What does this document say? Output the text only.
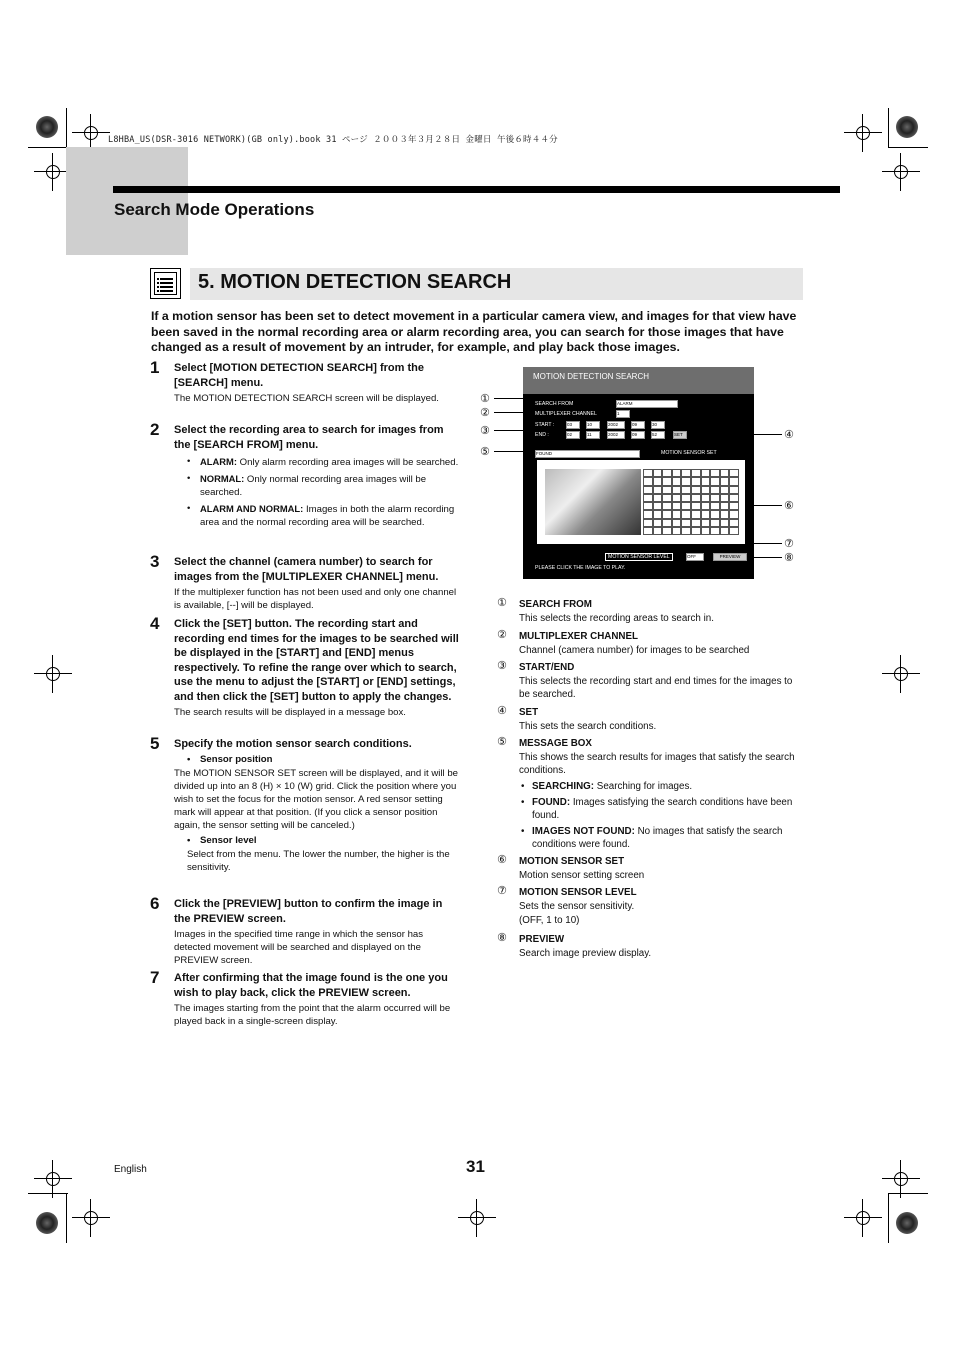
L8HBA_US(DSR-3016 NETWORK)(GB only).book 31 ページ ２００３年３月２８日 金曜日 午後６時４４分
Search Mode Operations
5. MOTION DETECTION SEARCH
If a motion sensor has been set to detect movement in a particular camera view, and images for that view have been saved in the normal recording area or alarm recording area, you can search for those images that have changed as a result of movement by an intruder, for example, and play back those images.
1 Select [MOTION DETECTION SEARCH] from the [SEARCH] menu.
The MOTION DETECTION SEARCH screen will be displayed.
2 Select the recording area to search for images from the [SEARCH FROM] menu.
• ALARM: Only alarm recording area images will be searched.
• NORMAL: Only normal recording area images will be searched.
• ALARM AND NORMAL: Images in both the alarm recording area and the normal recording area will be searched.
3 Select the channel (camera number) to search for images from the [MULTIPLEXER CHANNEL] menu.
If the multiplexer function has not been used and only one channel is available, [--] will be displayed.
4 Click the [SET] button. The recording start and recording end times for the images to be searched will be displayed in the [START] and [END] menus respectively. To refine the range over which to search, use the menu to adjust the [START] or [END] settings, and then click the [SET] button to apply the changes.
The search results will be displayed in a message box.
5 Specify the motion sensor search conditions.
• Sensor position
The MOTION SENSOR SET screen will be displayed, and it will be divided up into an 8 (H) × 10 (W) grid. Click the position where you wish to set the focus for the motion sensor. A red sensor setting mark will appear at that position. (If you click a sensor position again, the sensor setting will be canceled.)
• Sensor level
Select from the menu. The lower the number, the higher is the sensitivity.
6 Click the [PREVIEW] button to confirm the image in the PREVIEW screen.
Images in the specified time range in which the sensor has detected movement will be searched and displayed on the PREVIEW screen.
7 After confirming that the image found is the one you wish to play back, click the PREVIEW screen.
The images starting from the point that the alarm occurred will be played back in a single-screen display.
MOTION DETECTION SEARCH
SEARCH FROM	ALARM
MULTIPLEXER CHANNEL	1
START :	03	10	2002	09	30
END :	02	11	2002	09	52	SET
FOUND	MOTION SENSOR SET
MOTION SENSOR LEVEL	OFF	PREVIEW
PLEASE CLICK THE IMAGE TO PLAY.
①
②
③	④
⑤
⑥
⑦
⑧
① SEARCH FROM
This selects the recording areas to search in.
② MULTIPLEXER CHANNEL
Channel (camera number) for images to be searched
③ START/END
This selects the recording start and end times for the images to be searched.
④ SET
This sets the search conditions.
⑤ MESSAGE BOX
This shows the search results for images that satisfy the search conditions.
• SEARCHING: Searching for images.
• FOUND: Images satisfying the search conditions have been found.
• IMAGES NOT FOUND: No images that satisfy the search conditions were found.
⑥ MOTION SENSOR SET
Motion sensor setting screen
⑦ MOTION SENSOR LEVEL
Sets the sensor sensitivity.
(OFF, 1 to 10)
⑧ PREVIEW
Search image preview display.
English	31
